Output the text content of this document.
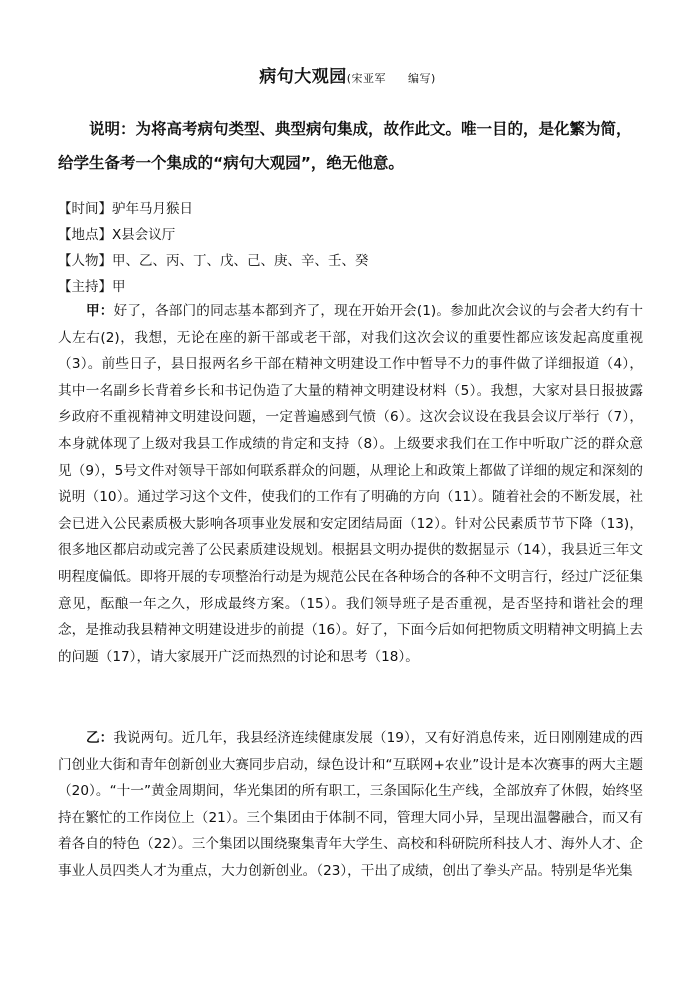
病句大观园(宋亚军 编写)
说明：为将高考病句类型、典型病句集成，故作此文。唯一目的，是化繁为简，给学生备考一个集成的“病句大观园”，绝无他意。
【时间】驴年马月猴日
【地点】X县会议厅
【人物】甲、乙、丙、丁、戊、己、庚、辛、壬、癸
【主持】甲
甲：好了，各部门的同志基本都到齐了，现在开始开会(1)。参加此次会议的与会者大约有十人左右(2)，我想，无论在座的新干部或老干部，对我们这次会议的重要性都应该发起高度重视（3）。前些日子，县日报两名乡干部在精神文明建设工作中暂导不力的事件做了详细报道（4），其中一名副乡长背着乡长和书记伪造了大量的精神文明建设材料（5）。我想，大家对县日报披露乡政府不重视精神文明建设问题，一定普遍感到气愤（6）。这次会议设在我县会议厅举行（7），本身就体现了上级对我县工作成绩的肯定和支持（8）。上级要求我们在工作中听取广泛的群众意见（9），5号文件对领导干部如何联系群众的问题，从理论上和政策上都做了详细的规定和深刻的说明（10）。通过学习这个文件，使我们的工作有了明确的方向（11）。随着社会的不断发展，社会已进入公民素质极大影响各项事业发展和安定团结局面（12）。针对公民素质节节下降（13)，很多地区都启动或完善了公民素质建设规划。根据县文明办提供的数据显示（14），我县近三年文明程度偏低。即将开展的专项整治行动是为规范公民在各种场合的各种不文明言行，经过广泛征集意见，酝酿一年之久，形成最终方案。（15）。我们领导班子是否重视，是否坚持和谐社会的理念，是推动我县精神文明建设进步的前提（16）。好了，下面今后如何把物质文明精神文明搞上去的问题（17），请大家展开广泛而热烈的讨论和思考（18）。
乙：我说两句。近几年，我县经济连续健康发展（19），又有好消息传来，近日刚刚建成的西门创业大街和青年创新创业大赛同步启动，绿色设计和“互联网+农业”设计是本次赛事的两大主题（20）。“十一”黄金周期间，华光集团的所有职工，三条国际化生产线，全部放弃了休假，始终坚持在繁忙的工作岗位上（21）。三个集团由于体制不同，管理大同小异，呈现出温馨融合，而又有着各自的特色（22）。三个集团以围绕聚集青年大学生、高校和科研院所科技人才、海外人才、企事业人员四类人才为重点，大力创新创业。（23），干出了成绩，创出了拳头产品。特别是华光集
